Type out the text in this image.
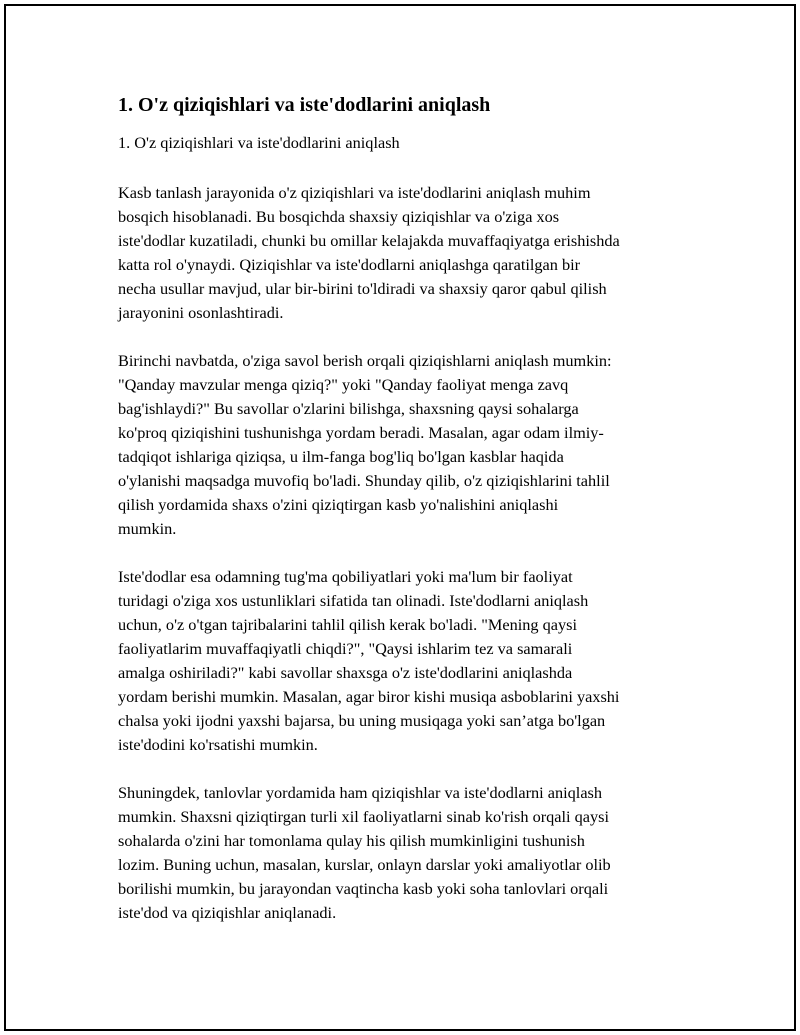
1. O'z qiziqishlari va iste'dodlarini aniqlash
1. O'z qiziqishlari va iste'dodlarini aniqlash

Kasb tanlash jarayonida o'z qiziqishlari va iste'dodlarini aniqlash muhim
bosqich hisoblanadi. Bu bosqichda shaxsiy qiziqishlar va o'ziga xos
iste'dodlar kuzatiladi, chunki bu omillar kelajakda muvaffaqiyatga erishishda
katta rol o'ynaydi. Qiziqishlar va iste'dodlarni aniqlashga qaratilgan bir
necha usullar mavjud, ular bir-birini to'ldiradi va shaxsiy qaror qabul qilish
jarayonini osonlashtiradi.

Birinchi navbatda, o'ziga savol berish orqali qiziqishlarni aniqlash mumkin:
"Qanday mavzular menga qiziq?" yoki "Qanday faoliyat menga zavq
bag'ishlaydi?" Bu savollar o'zlarini bilishga, shaxsning qaysi sohalarga
ko'proq qiziqishini tushunishga yordam beradi. Masalan, agar odam ilmiy-
tadqiqot ishlariga qiziqsa, u ilm-fanga bog'liq bo'lgan kasblar haqida
o'ylanishi maqsadga muvofiq bo'ladi. Shunday qilib, o'z qiziqishlarini tahlil
qilish yordamida shaxs o'zini qiziqtirgan kasb yo'nalishini aniqlashi
mumkin.

Iste'dodlar esa odamning tug'ma qobiliyatlari yoki ma'lum bir faoliyat
turidagi o'ziga xos ustunliklari sifatida tan olinadi. Iste'dodlarni aniqlash
uchun, o'z o'tgan tajribalarini tahlil qilish kerak bo'ladi. "Mening qaysi
faoliyatlarim muvaffaqiyatli chiqdi?", "Qaysi ishlarim tez va samarali
amalga oshiriladi?" kabi savollar shaxsga o'z iste'dodlarini aniqlashda
yordam berishi mumkin. Masalan, agar biror kishi musiqa asboblarini yaxshi
chalsa yoki ijodni yaxshi bajarsa, bu uning musiqaga yoki san’atga bo'lgan
iste'dodini ko'rsatishi mumkin.

Shuningdek, tanlovlar yordamida ham qiziqishlar va iste'dodlarni aniqlash
mumkin. Shaxsni qiziqtirgan turli xil faoliyatlarni sinab ko'rish orqali qaysi
sohalarda o'zini har tomonlama qulay his qilish mumkinligini tushunish
lozim. Buning uchun, masalan, kurslar, onlayn darslar yoki amaliyotlar olib
borilishi mumkin, bu jarayondan vaqtincha kasb yoki soha tanlovlari orqali
iste'dod va qiziqishlar aniqlanadi.
